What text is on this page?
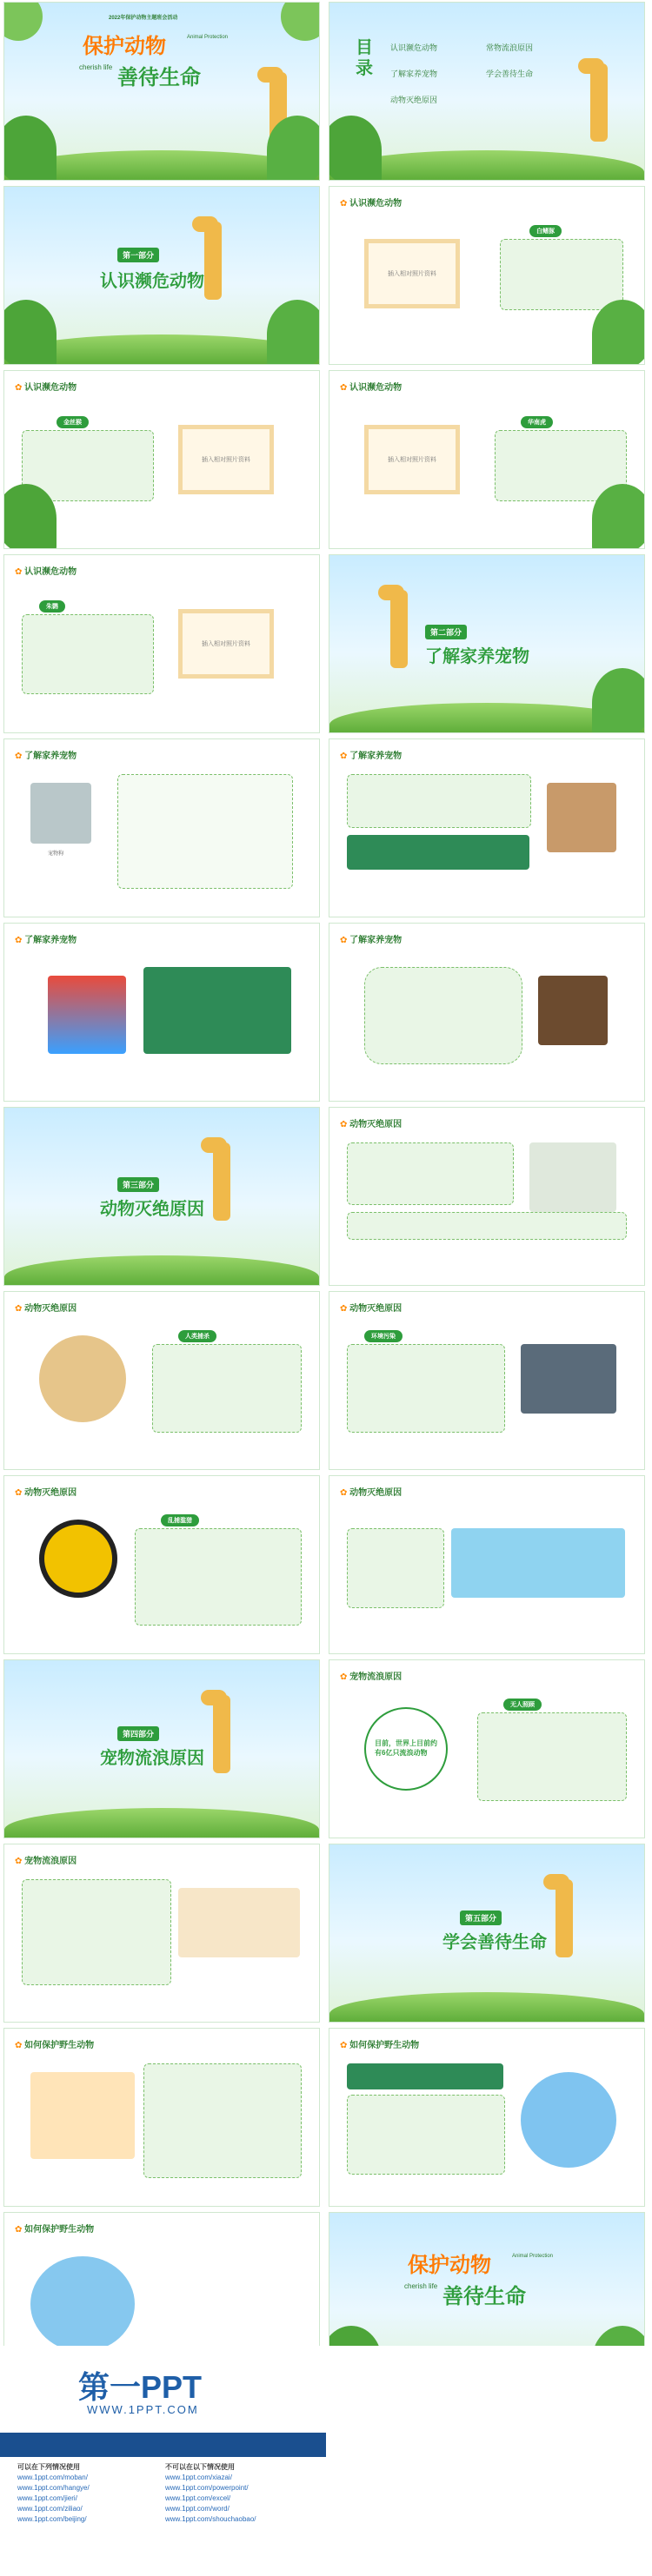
2022年保护动物主题班会活动
保护动物	Animal Protection
cherish life 善待生命
目录
认识濒危动物	常物流浪原因
了解家养宠物	学会善待生命
动物灭绝原因
第一部分
认识濒危动物
✿ 认识濒危动物
插入相对照片资料
白鳍豚
✿ 认识濒危动物
金丝猴
插入相对照片资料
✿ 认识濒危动物
插入相对照片资料
华南虎
✿ 认识濒危动物
朱鹮
插入相对照片资料
第二部分
了解家养宠物
✿ 了解家养宠物
宠物狗
✿ 了解家养宠物
✿ 了解家养宠物	✿ 了解家养宠物
第三部分
动物灭绝原因
✿ 动物灭绝原因
✿ 动物灭绝原因
人类捕杀
✿ 动物灭绝原因
环境污染
✿ 动物灭绝原因
乱捕滥猎
✿ 动物灭绝原因
第四部分
宠物流浪原因
✿ 宠物流浪原因
目前，世界上目前约有6亿只流浪动物
无人照顾
✿ 宠物流浪原因
第五部分
学会善待生命
✿ 如何保护野生动物	✿ 如何保护野生动物
✿ 如何保护野生动物
保护动物	Animal Protection
cherish life 善待生命
第一PPT
WWW.1PPT.COM
可以在下列情况使用
www.1ppt.com/moban/
www.1ppt.com/hangye/
www.1ppt.com/jieri/
www.1ppt.com/ziliao/
www.1ppt.com/beijing/
不可以在以下情况使用
www.1ppt.com/xiazai/
www.1ppt.com/powerpoint/
www.1ppt.com/excel/
www.1ppt.com/word/
www.1ppt.com/shouchaobao/
